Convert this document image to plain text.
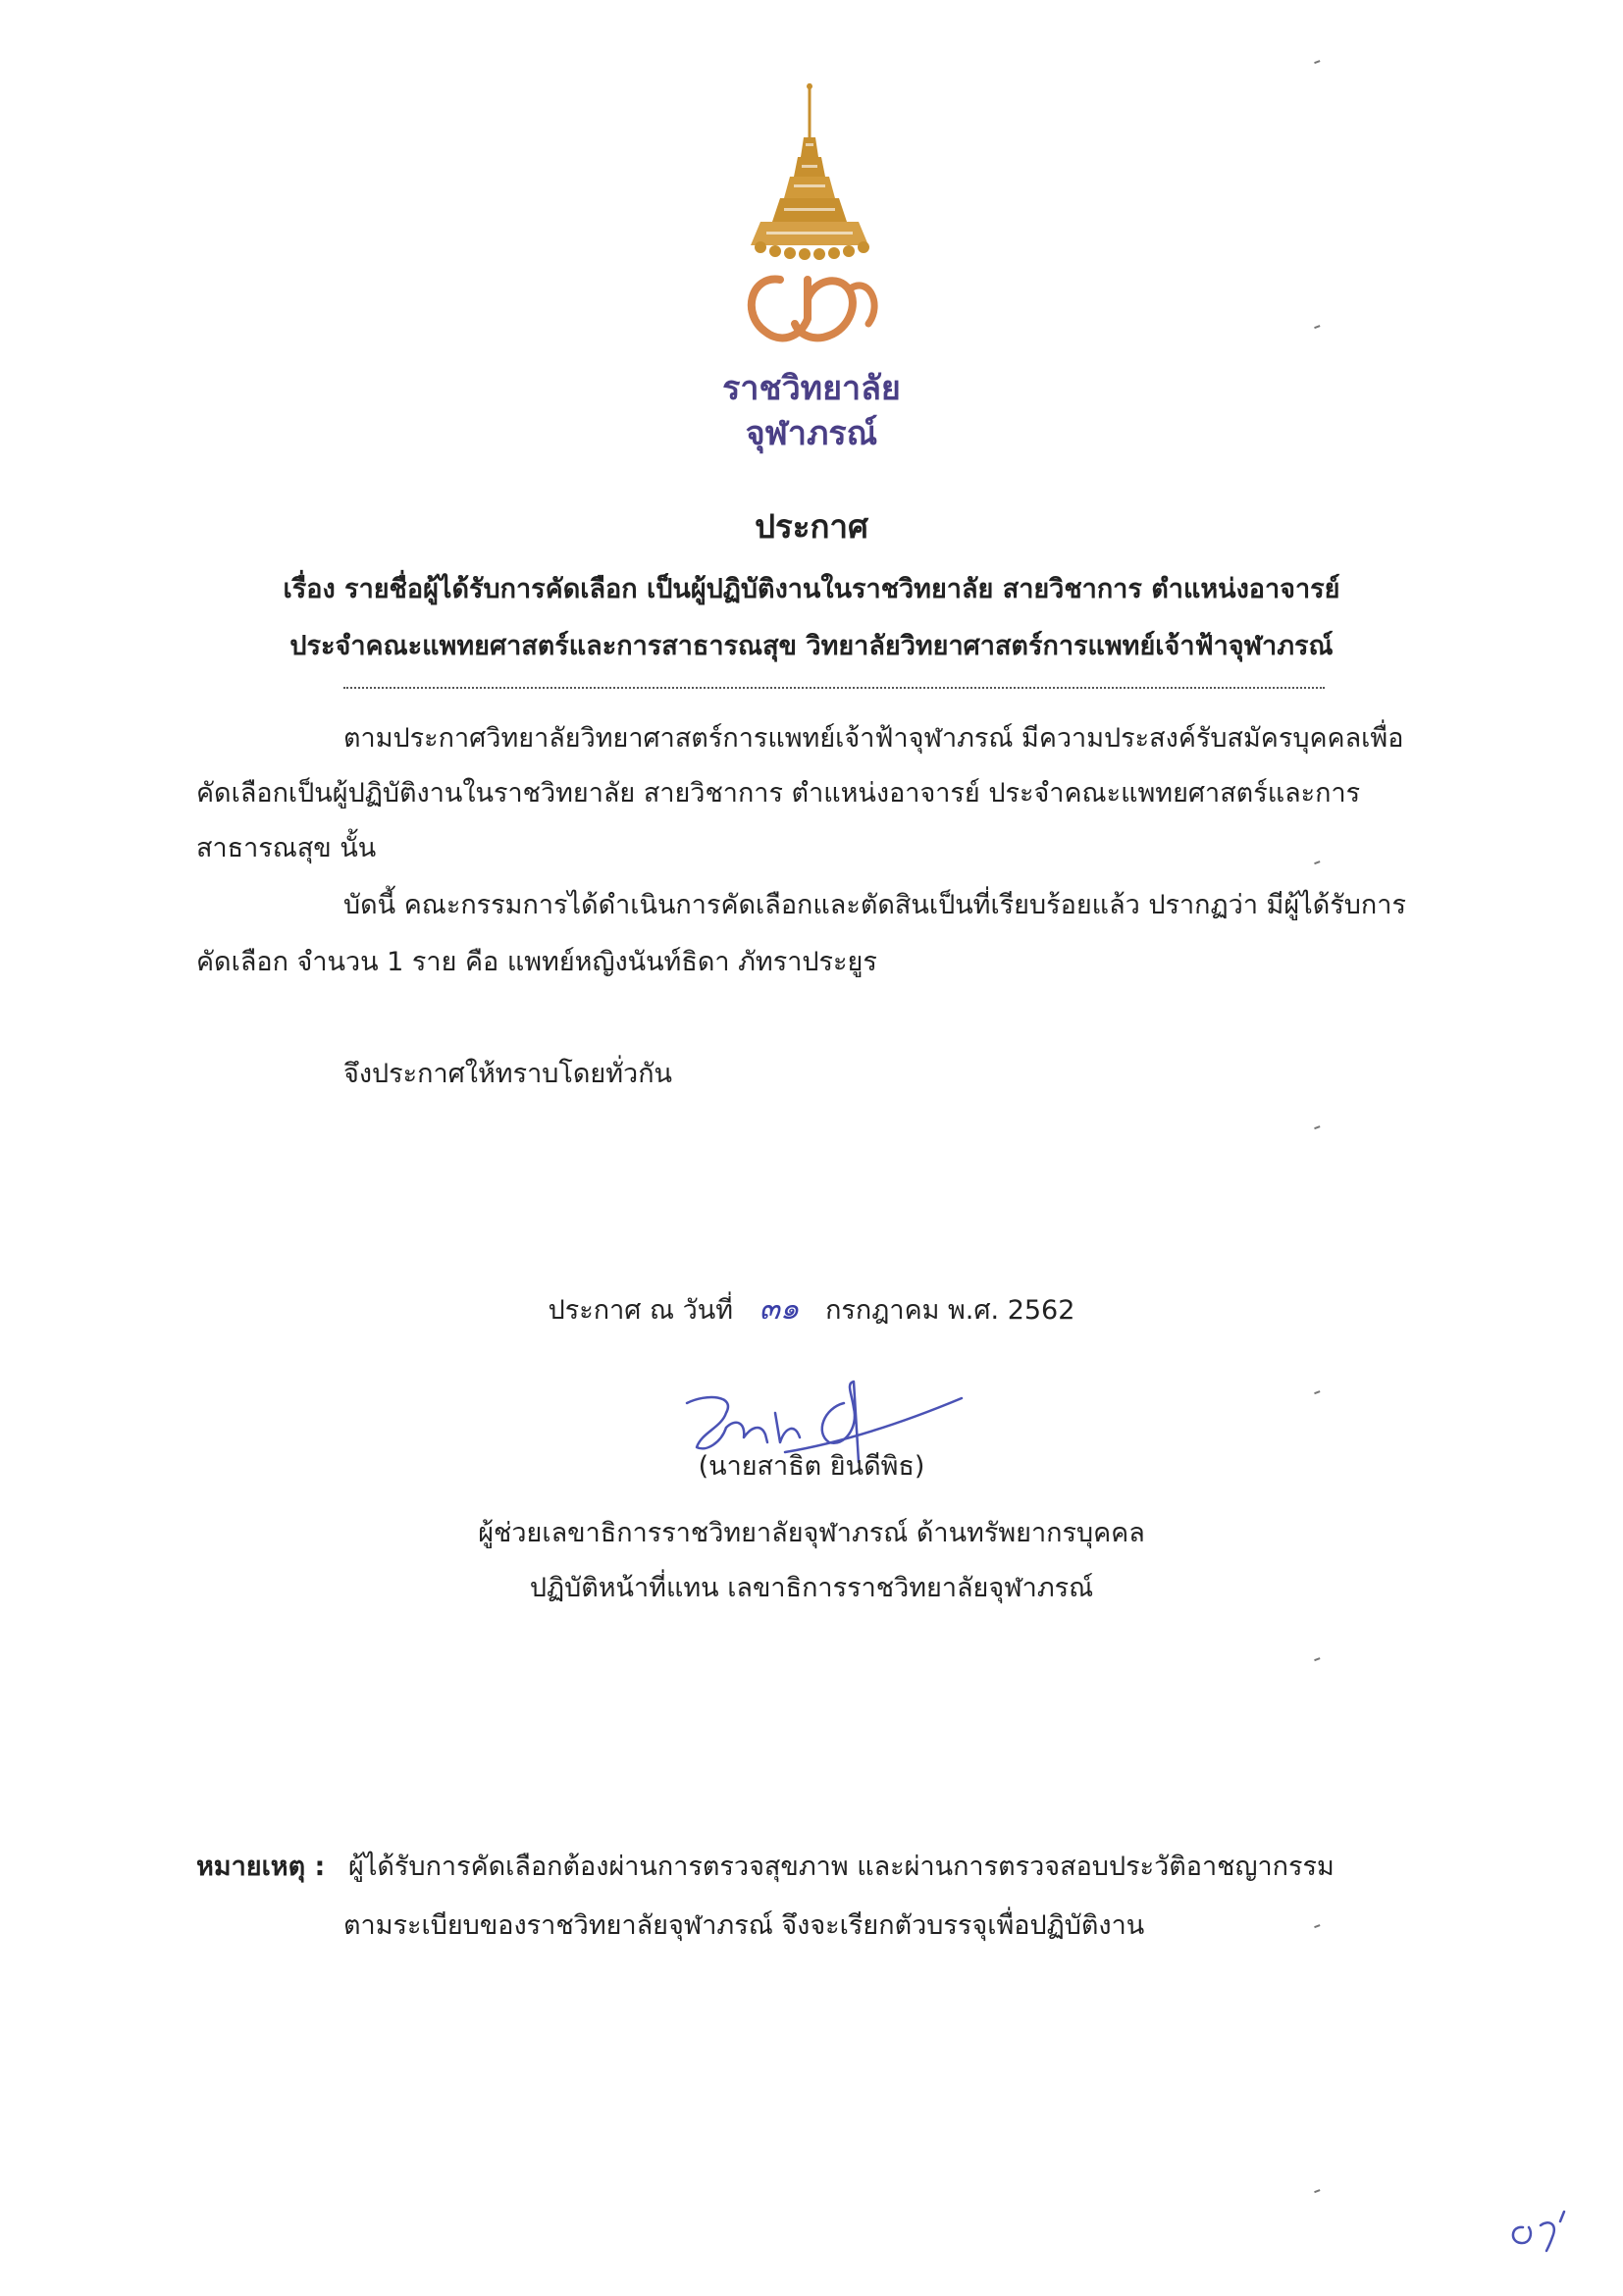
ราชวิทยาลัย
จุฬาภรณ์
ประกาศ
เรื่อง รายชื่อผู้ได้รับการคัดเลือก เป็นผู้ปฏิบัติงานในราชวิทยาลัย สายวิชาการ ตำแหน่งอาจารย์
ประจำคณะแพทยศาสตร์และการสาธารณสุข วิทยาลัยวิทยาศาสตร์การแพทย์เจ้าฟ้าจุฬาภรณ์
ตามประกาศวิทยาลัยวิทยาศาสตร์การแพทย์เจ้าฟ้าจุฬาภรณ์ มีความประสงค์รับสมัครบุคคลเพื่อ
คัดเลือกเป็นผู้ปฏิบัติงานในราชวิทยาลัย สายวิชาการ ตำแหน่งอาจารย์ ประจำคณะแพทยศาสตร์และการ
สาธารณสุข นั้น
บัดนี้ คณะกรรมการได้ดำเนินการคัดเลือกและตัดสินเป็นที่เรียบร้อยแล้ว ปรากฏว่า มีผู้ได้รับการ
คัดเลือก จำนวน 1 ราย คือ แพทย์หญิงนันท์ธิดา ภัทราประยูร
จึงประกาศให้ทราบโดยทั่วกัน
ประกาศ ณ วันที่ ๓๑ กรกฎาคม พ.ศ. 2562
(นายสาธิต ยินดีพิธ)
ผู้ช่วยเลขาธิการราชวิทยาลัยจุฬาภรณ์ ด้านทรัพยากรบุคคล
ปฏิบัติหน้าที่แทน เลขาธิการราชวิทยาลัยจุฬาภรณ์
หมายเหตุ : ผู้ได้รับการคัดเลือกต้องผ่านการตรวจสุขภาพ และผ่านการตรวจสอบประวัติอาชญากรรม
ตามระเบียบของราชวิทยาลัยจุฬาภรณ์ จึงจะเรียกตัวบรรจุเพื่อปฏิบัติงาน
